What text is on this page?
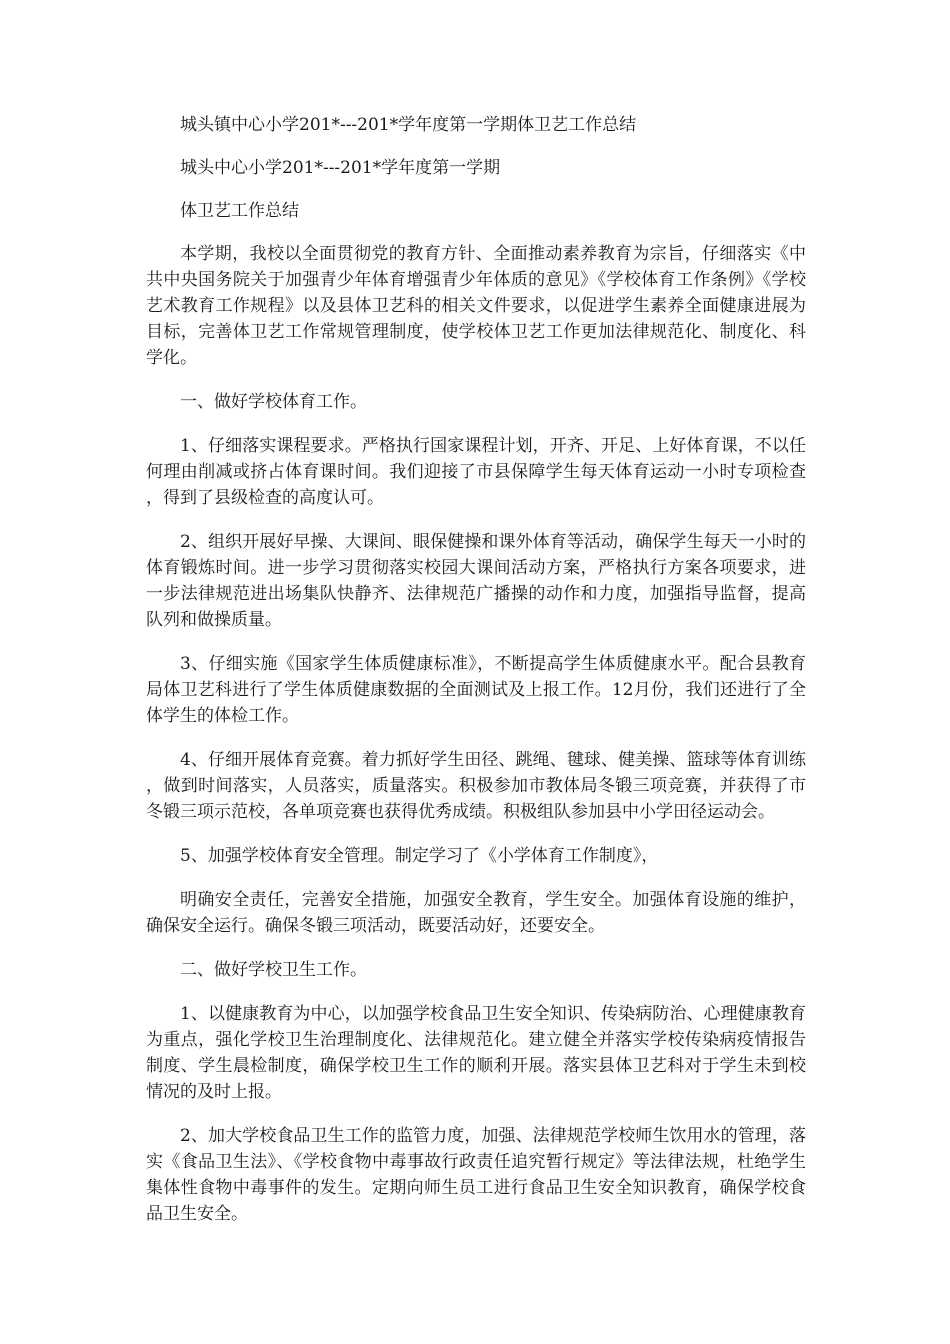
城头镇中心小学201*---201*学年度第一学期体卫艺工作总结

城头中心小学201*---201*学年度第一学期

体卫艺工作总结

本学期，我校以全面贯彻党的教育方针、全面推动素养教育为宗旨，仔细落实《中共中央国务院关于加强青少年体育增强青少年体质的意见》《学校体育工作条例》《学校艺术教育工作规程》以及县体卫艺科的相关文件要求，以促进学生素养全面健康进展为目标，完善体卫艺工作常规管理制度，使学校体卫艺工作更加法律规范化、制度化、科学化。

一、做好学校体育工作。

1、仔细落实课程要求。严格执行国家课程计划，开齐、开足、上好体育课，不以任何理由削减或挤占体育课时间。我们迎接了市县保障学生每天体育运动一小时专项检查，得到了县级检查的高度认可。

2、组织开展好早操、大课间、眼保健操和课外体育等活动，确保学生每天一小时的体育锻炼时间。进一步学习贯彻落实校园大课间活动方案，严格执行方案各项要求，进一步法律规范进出场集队快静齐、法律规范广播操的动作和力度，加强指导监督，提高队列和做操质量。

3、仔细实施《国家学生体质健康标准》，不断提高学生体质健康水平。配合县教育局体卫艺科进行了学生体质健康数据的全面测试及上报工作。12月份，我们还进行了全体学生的体检工作。

4、仔细开展体育竞赛。着力抓好学生田径、跳绳、毽球、健美操、篮球等体育训练，做到时间落实，人员落实，质量落实。积极参加市教体局冬锻三项竞赛，并获得了市冬锻三项示范校，各单项竞赛也获得优秀成绩。积极组队参加县中小学田径运动会。

5、加强学校体育安全管理。制定学习了《小学体育工作制度》，

明确安全责任，完善安全措施，加强安全教育，学生安全。加强体育设施的维护，确保安全运行。确保冬锻三项活动，既要活动好，还要安全。

二、做好学校卫生工作。

1、以健康教育为中心，以加强学校食品卫生安全知识、传染病防治、心理健康教育为重点，强化学校卫生治理制度化、法律规范化。建立健全并落实学校传染病疫情报告制度、学生晨检制度，确保学校卫生工作的顺利开展。落实县体卫艺科对于学生未到校情况的及时上报。

2、加大学校食品卫生工作的监管力度，加强、法律规范学校师生饮用水的管理，落实《食品卫生法》、《学校食物中毒事故行政责任追究暂行规定》等法律法规，杜绝学生集体性食物中毒事件的发生。定期向师生员工进行食品卫生安全知识教育，确保学校食品卫生安全。
